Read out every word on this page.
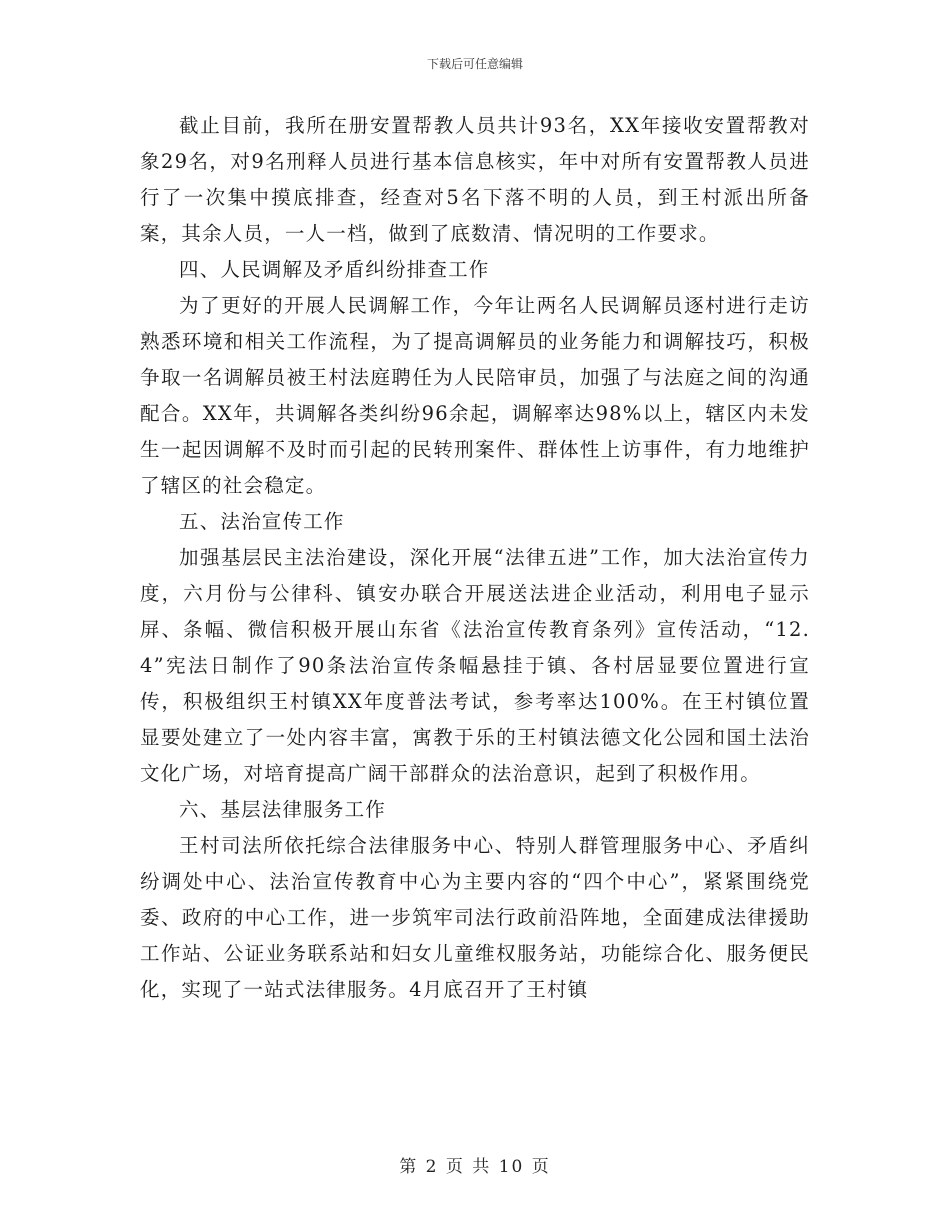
下载后可任意编辑

截止目前，我所在册安置帮教人员共计93名，XX年接收安置帮教对象29名，对9名刑释人员进行基本信息核实，年中对所有安置帮教人员进行了一次集中摸底排查，经查对5名下落不明的人员，到王村派出所备案，其余人员，一人一档，做到了底数清、情况明的工作要求。

四、人民调解及矛盾纠纷排查工作

为了更好的开展人民调解工作，今年让两名人民调解员逐村进行走访熟悉环境和相关工作流程，为了提高调解员的业务能力和调解技巧，积极争取一名调解员被王村法庭聘任为人民陪审员，加强了与法庭之间的沟通配合。XX年，共调解各类纠纷96余起，调解率达98%以上，辖区内未发生一起因调解不及时而引起的民转刑案件、群体性上访事件，有力地维护了辖区的社会稳定。

五、法治宣传工作

加强基层民主法治建设，深化开展“法律五进”工作，加大法治宣传力度，六月份与公律科、镇安办联合开展送法进企业活动，利用电子显示屏、条幅、微信积极开展山东省《法治宣传教育条列》宣传活动，“12.4”宪法日制作了90条法治宣传条幅悬挂于镇、各村居显要位置进行宣传，积极组织王村镇XX年度普法考试，参考率达100%。在王村镇位置显要处建立了一处内容丰富，寓教于乐的王村镇法德文化公园和国土法治文化广场，对培育提高广阔干部群众的法治意识，起到了积极作用。

六、基层法律服务工作

王村司法所依托综合法律服务中心、特别人群管理服务中心、矛盾纠纷调处中心、法治宣传教育中心为主要内容的“四个中心”，紧紧围绕党委、政府的中心工作，进一步筑牢司法行政前沿阵地，全面建成法律援助工作站、公证业务联系站和妇女儿童维权服务站，功能综合化、服务便民化，实现了一站式法律服务。4月底召开了王村镇

第 2 页 共 10 页
